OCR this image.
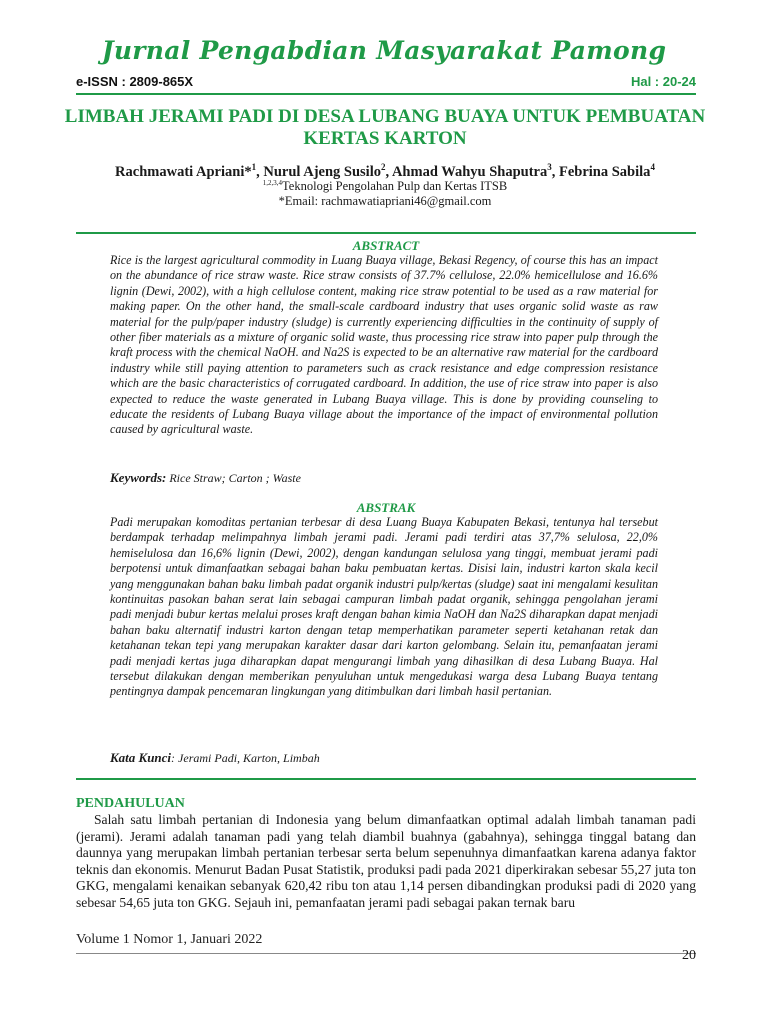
Jurnal Pengabdian Masyarakat Pamong
e-ISSN : 2809-865X	Hal : 20-24
LIMBAH JERAMI PADI DI DESA LUBANG BUAYA UNTUK PEMBUATAN KERTAS KARTON
Rachmawati Apriani*$^1$, Nurul Ajeng Susilo$^2$, Ahmad Wahyu Shaputra$^3$, Febrina Sabila$^4$
$^{1,2,3,4}$Teknologi Pengolahan Pulp dan Kertas ITSB
*Email: rachmawatiapriani46@gmail.com
ABSTRACT
Rice is the largest agricultural commodity in Luang Buaya village, Bekasi Regency, of course this has an impact on the abundance of rice straw waste. Rice straw consists of 37.7% cellulose, 22.0% hemicellulose and 16.6% lignin (Dewi, 2002), with a high cellulose content, making rice straw potential to be used as a raw material for making paper. On the other hand, the small-scale cardboard industry that uses organic solid waste as raw material for the pulp/paper industry (sludge) is currently experiencing difficulties in the continuity of supply of other fiber materials as a mixture of organic solid waste, thus processing rice straw into paper pulp through the kraft process with the chemical NaOH. and Na2S is expected to be an alternative raw material for the cardboard industry while still paying attention to parameters such as crack resistance and edge compression resistance which are the basic characteristics of corrugated cardboard. In addition, the use of rice straw into paper is also expected to reduce the waste generated in Lubang Buaya village. This is done by providing counseling to educate the residents of Lubang Buaya village about the importance of the impact of environmental pollution caused by agricultural waste.
Keywords: Rice Straw; Carton ; Waste
ABSTRAK
Padi merupakan komoditas pertanian terbesar di desa Luang Buaya Kabupaten Bekasi, tentunya hal tersebut berdampak terhadap melimpahnya limbah jerami padi. Jerami padi terdiri atas 37,7% selulosa, 22,0% hemiselulosa dan 16,6% lignin (Dewi, 2002), dengan kandungan selulosa yang tinggi, membuat jerami padi berpotensi untuk dimanfaatkan sebagai bahan baku pembuatan kertas. Disisi lain, industri karton skala kecil yang menggunakan bahan baku limbah padat organik industri pulp/kertas (sludge) saat ini mengalami kesulitan kontinuitas pasokan bahan serat lain sebagai campuran limbah padat organik, sehingga pengolahan jerami padi menjadi bubur kertas melalui proses kraft dengan bahan kimia NaOH dan Na2S diharapkan dapat menjadi bahan baku alternatif industri karton dengan tetap memperhatikan parameter seperti ketahanan retak dan ketahanan tekan tepi yang merupakan karakter dasar dari karton gelombang. Selain itu, pemanfaatan jerami padi menjadi kertas juga diharapkan dapat mengurangi limbah yang dihasilkan di desa Lubang Buaya. Hal tersebut dilakukan dengan memberikan penyuluhan untuk mengedukasi warga desa Lubang Buaya tentang pentingnya dampak pencemaran lingkungan yang ditimbulkan dari limbah hasil pertanian.
Kata Kunci: Jerami Padi, Karton, Limbah
PENDAHULUAN
Salah satu limbah pertanian di Indonesia yang belum dimanfaatkan optimal adalah limbah tanaman padi (jerami). Jerami adalah tanaman padi yang telah diambil buahnya (gabahnya), sehingga tinggal batang dan daunnya yang merupakan limbah pertanian terbesar serta belum sepenuhnya dimanfaatkan karena adanya faktor teknis dan ekonomis. Menurut Badan Pusat Statistik, produksi padi pada 2021 diperkirakan sebesar 55,27 juta ton GKG, mengalami kenaikan sebanyak 620,42 ribu ton atau 1,14 persen dibandingkan produksi padi di 2020 yang sebesar 54,65 juta ton GKG. Sejauh ini, pemanfaatan jerami padi sebagai pakan ternak baru
Volume 1 Nomor 1, Januari 2022
20
